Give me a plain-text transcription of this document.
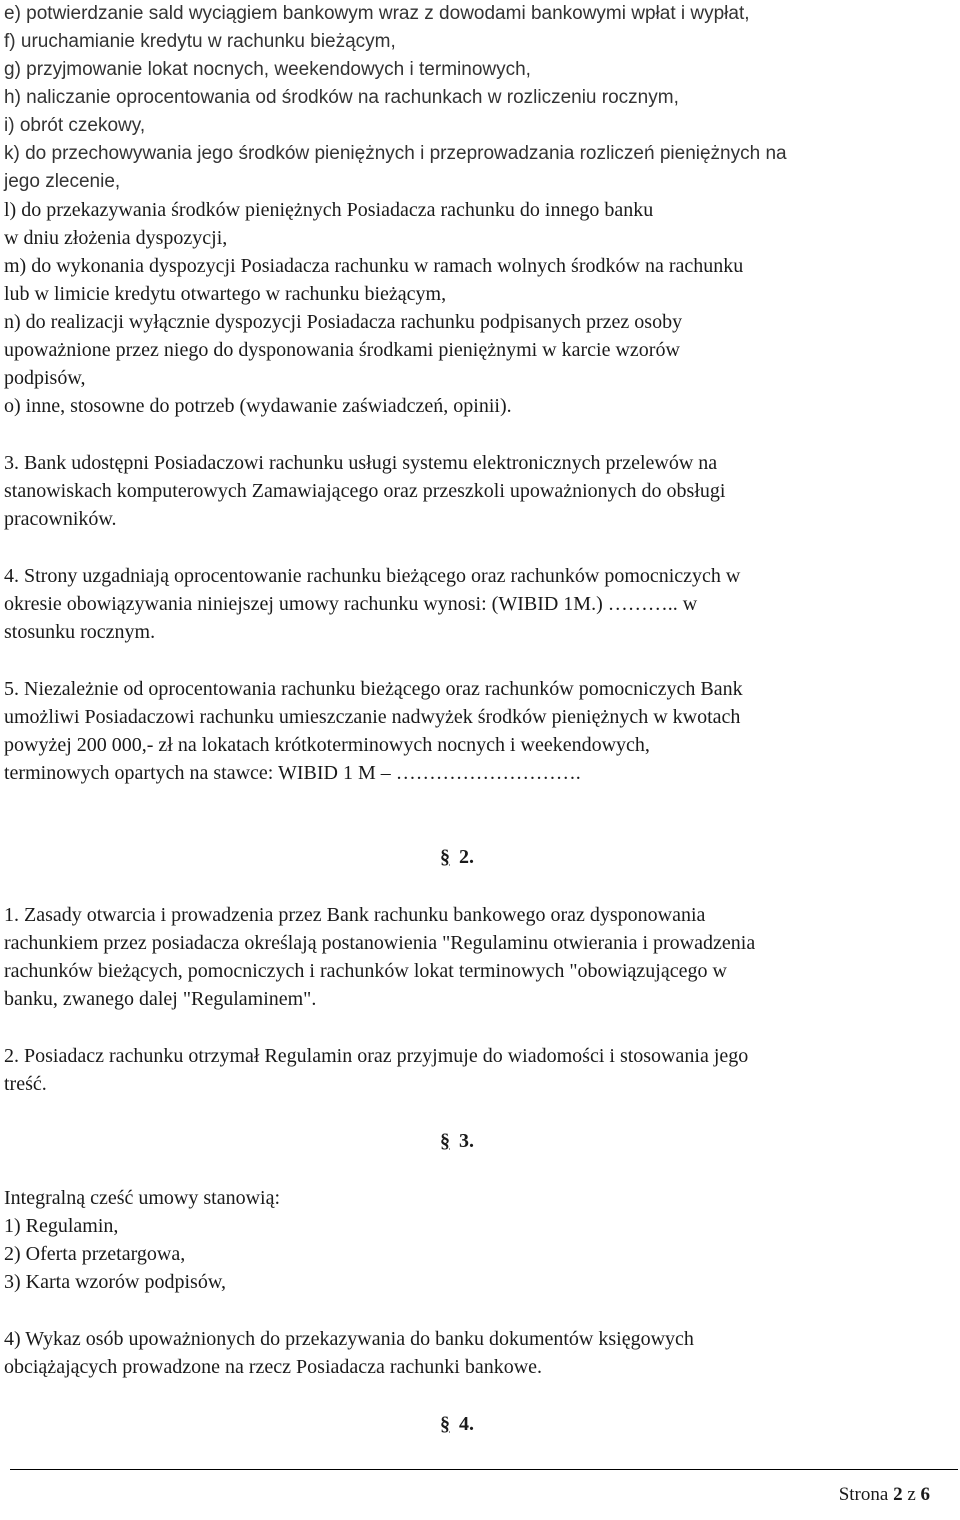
e) potwierdzanie sald wyciągiem bankowym wraz z dowodami bankowymi wpłat i wypłat,
f) uruchamianie kredytu w rachunku bieżącym,
g) przyjmowanie lokat nocnych, weekendowych i terminowych,
h) naliczanie oprocentowania od środków na rachunkach w rozliczeniu rocznym,
i) obrót czekowy,
k) do przechowywania jego środków pieniężnych i przeprowadzania rozliczeń pieniężnych na
jego zlecenie,
l) do przekazywania środków pieniężnych Posiadacza rachunku do innego banku
w dniu złożenia dyspozycji,
m) do wykonania dyspozycji Posiadacza rachunku w ramach wolnych środków na rachunku
lub w limicie kredytu otwartego w rachunku bieżącym,
n) do realizacji wyłącznie dyspozycji Posiadacza rachunku podpisanych przez osoby
upoważnione przez niego do dysponowania środkami pieniężnymi w karcie wzorów
podpisów,
o) inne, stosowne do potrzeb (wydawanie zaświadczeń, opinii).
3. Bank udostępni Posiadaczowi rachunku usługi systemu elektronicznych przelewów na
stanowiskach komputerowych Zamawiającego oraz przeszkoli upoważnionych do obsługi
pracowników.
4. Strony uzgadniają oprocentowanie rachunku bieżącego oraz rachunków pomocniczych w
okresie obowiązywania niniejszej umowy rachunku wynosi: (WIBID 1M.) ……….. w
stosunku rocznym.
5. Niezależnie od oprocentowania rachunku bieżącego oraz rachunków pomocniczych Bank
umożliwi Posiadaczowi rachunku umieszczanie nadwyżek środków pieniężnych w kwotach
powyżej 200 000,- zł na lokatach krótkoterminowych nocnych i weekendowych,
terminowych opartych na stawce: WIBID 1 M – ……………………….
§ 2.
1. Zasady otwarcia i prowadzenia przez Bank rachunku bankowego oraz dysponowania
rachunkiem przez posiadacza określają postanowienia "Regulaminu otwierania i prowadzenia
rachunków bieżących, pomocniczych i rachunków lokat terminowych "obowiązującego w
banku, zwanego dalej "Regulaminem".
2. Posiadacz rachunku otrzymał Regulamin oraz przyjmuje do wiadomości i stosowania jego
treść.
§ 3.
Integralną cześć umowy stanowią:
1) Regulamin,
2) Oferta przetargowa,
3) Karta wzorów podpisów,
4) Wykaz osób upoważnionych do przekazywania do banku dokumentów księgowych
obciążających prowadzone na rzecz Posiadacza rachunki bankowe.
§ 4.
Strona 2 z 6
